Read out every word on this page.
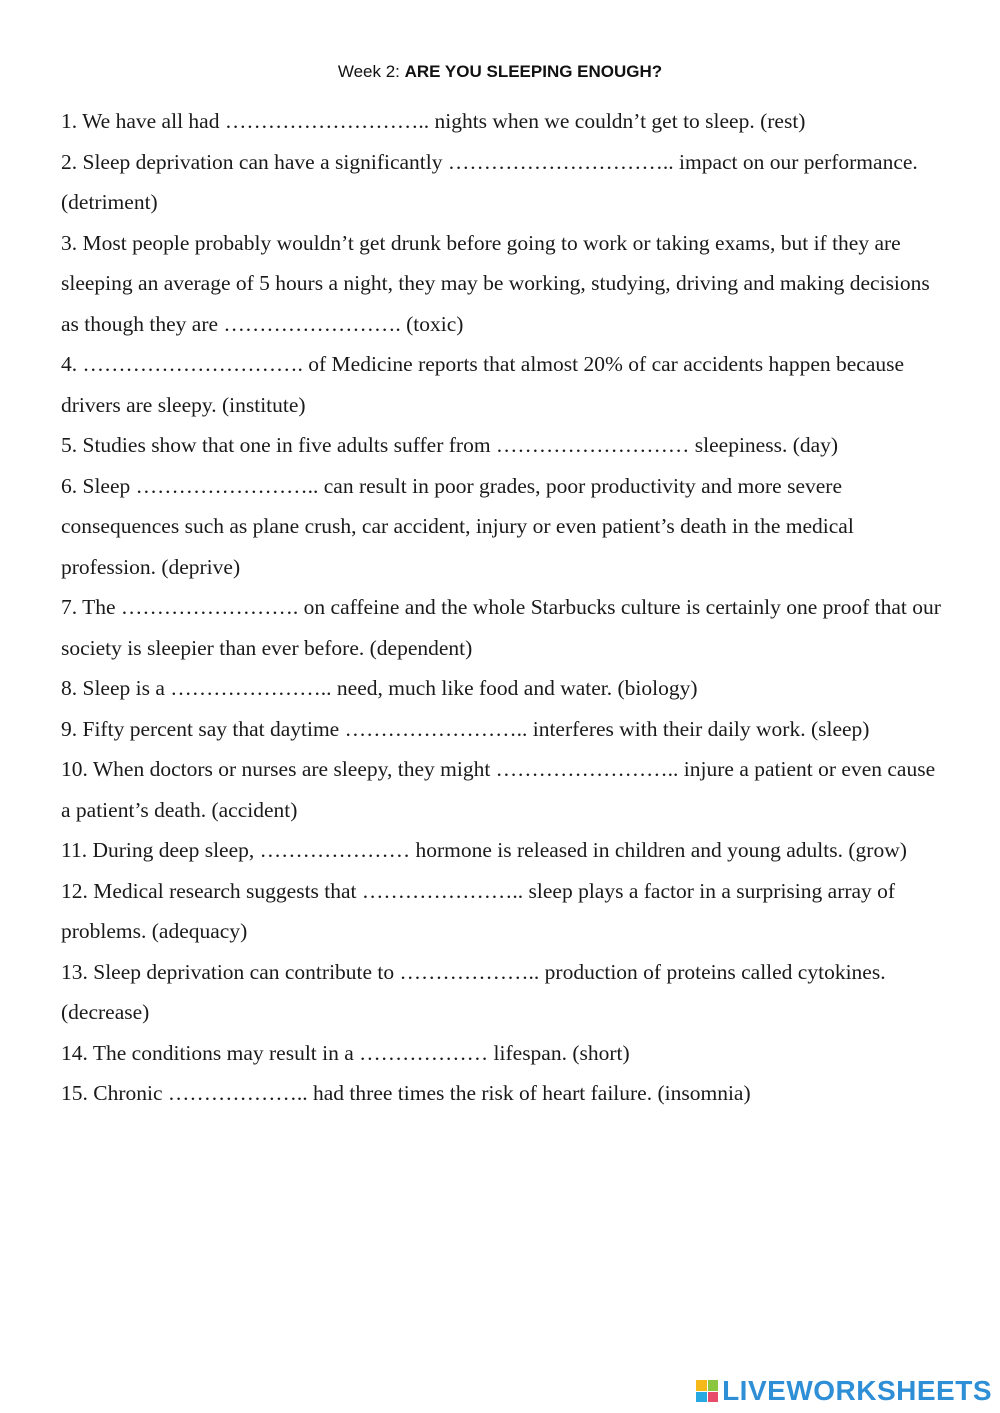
Week 2: ARE YOU SLEEPING ENOUGH?

1. We have all had ……………………….. nights when we couldn’t get to sleep. (rest)

2. Sleep deprivation can have a significantly ………………………….. impact on our performance. (detriment)

3. Most people probably wouldn’t get drunk before going to work or taking exams, but if they are sleeping an average of 5 hours a night, they may be working, studying, driving and making decisions as though they are ……………………. (toxic)

4. …………………………. of Medicine reports that almost 20% of car accidents happen because drivers are sleepy. (institute)

5. Studies show that one in five adults suffer from ……………………… sleepiness. (day)

6. Sleep …………………….. can result in poor grades, poor productivity and more severe consequences such as plane crush, car accident, injury or even patient’s death in the medical profession. (deprive)

7. The ……………………. on caffeine and the whole Starbucks culture is certainly one proof that our society is sleepier than ever before. (dependent)

8. Sleep is a ………………….. need, much like food and water. (biology)

9. Fifty percent say that daytime …………………….. interferes with their daily work. (sleep)

10. When doctors or nurses are sleepy, they might …………………….. injure a patient or even cause a patient’s death. (accident)

11. During deep sleep, ………………… hormone is released in children and young adults. (grow)

12. Medical research suggests that ………………….. sleep plays a factor in a surprising array of problems. (adequacy)

13. Sleep deprivation can contribute to ……………….. production of proteins called cytokines. (decrease)

14. The conditions may result in a ……………… lifespan. (short)

15. Chronic ……………….. had three times the risk of heart failure. (insomnia)

LIVEWORKSHEETS
